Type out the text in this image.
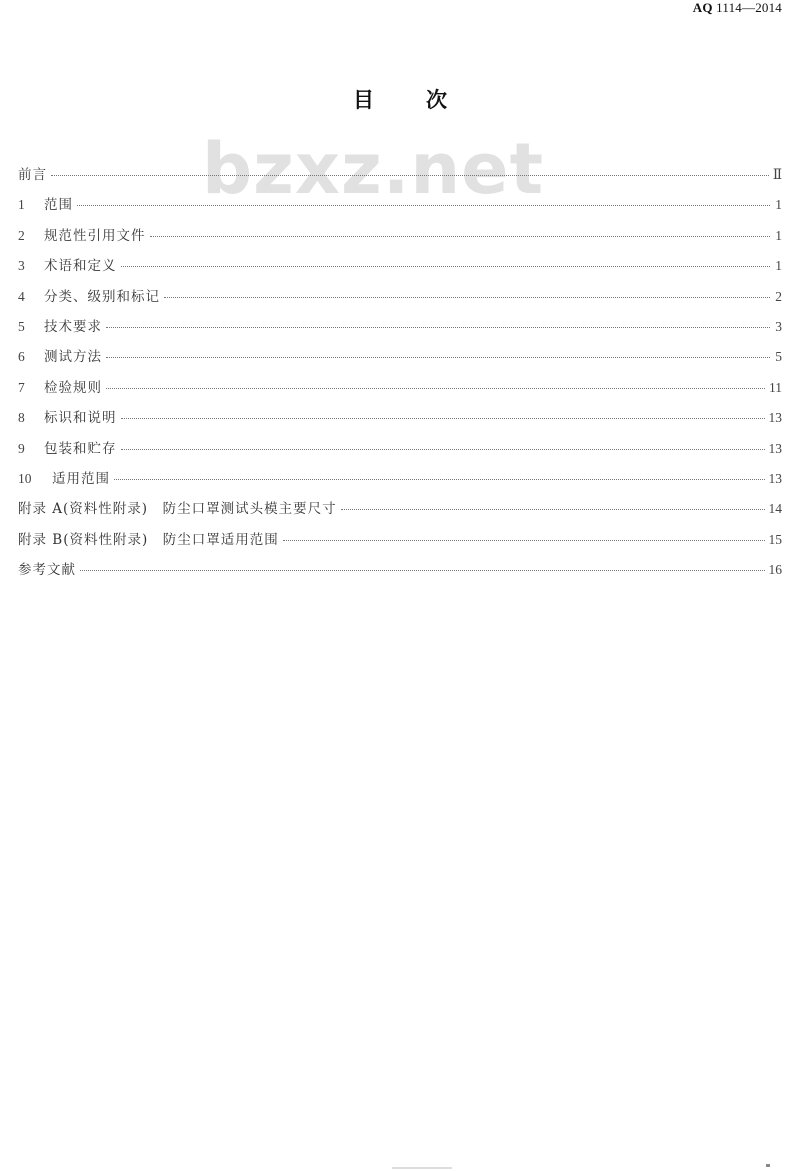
AQ 1114—2014
bzxz.net
目次
前言	Ⅱ
1	范围	1
2	规范性引用文件	1
3	术语和定义	1
4	分类、级别和标记	2
5	技术要求	3
6	测试方法	5
7	检验规则	11
8	标识和说明	13
9	包装和贮存	13
10	适用范围	13
附录 A(资料性附录)　防尘口罩测试头模主要尺寸	14
附录 B(资料性附录)　防尘口罩适用范围	15
参考文献	16
